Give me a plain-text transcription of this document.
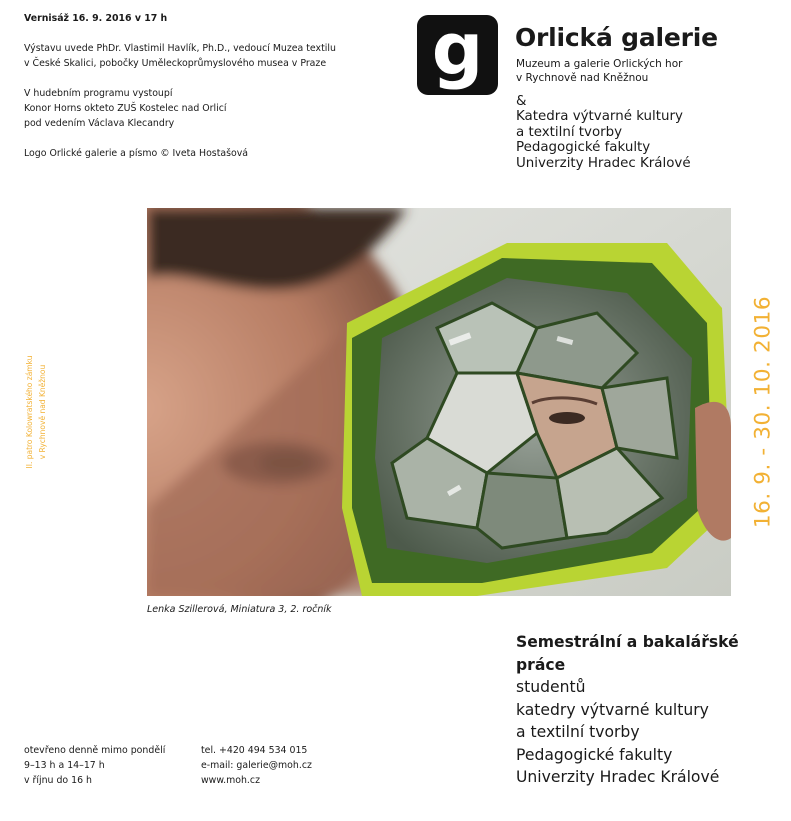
Vernisáž 16. 9. 2016 v 17 h
Výstavu uvede PhDr. Vlastimil Havlík, Ph.D., vedoucí Muzea textilu
v České Skalici, pobočky Uměleckoprůmyslového musea v Praze
V hudebním programu vystoupí
Konor Horns okteto ZUŠ Kostelec nad Orlicí
pod vedením Václava Klecandry
Logo Orlické galerie a písmo © Iveta Hostašová
g	Orlická galerie
Muzeum a galerie Orlických hor
v Rychnově nad Kněžnou
&
Katedra výtvarné kultury
a textilní tvorby
Pedagogické fakulty
Univerzity Hradec Králové
Lenka Szillerová, Miniatura 3, 2. ročník
16. 9. - 30. 10. 2016
II. patro Kolowratského zámku v Rychnově nad Kněžnou
Semestrální a bakalářské
práce
studentů
katedry výtvarné kultury
a textilní tvorby
Pedagogické fakulty
Univerzity Hradec Králové
otevřeno denně mimo pondělí
9–13 h a 14–17 h
v říjnu do 16 h
tel. +420 494 534 015
e-mail: galerie@moh.cz
www.moh.cz
